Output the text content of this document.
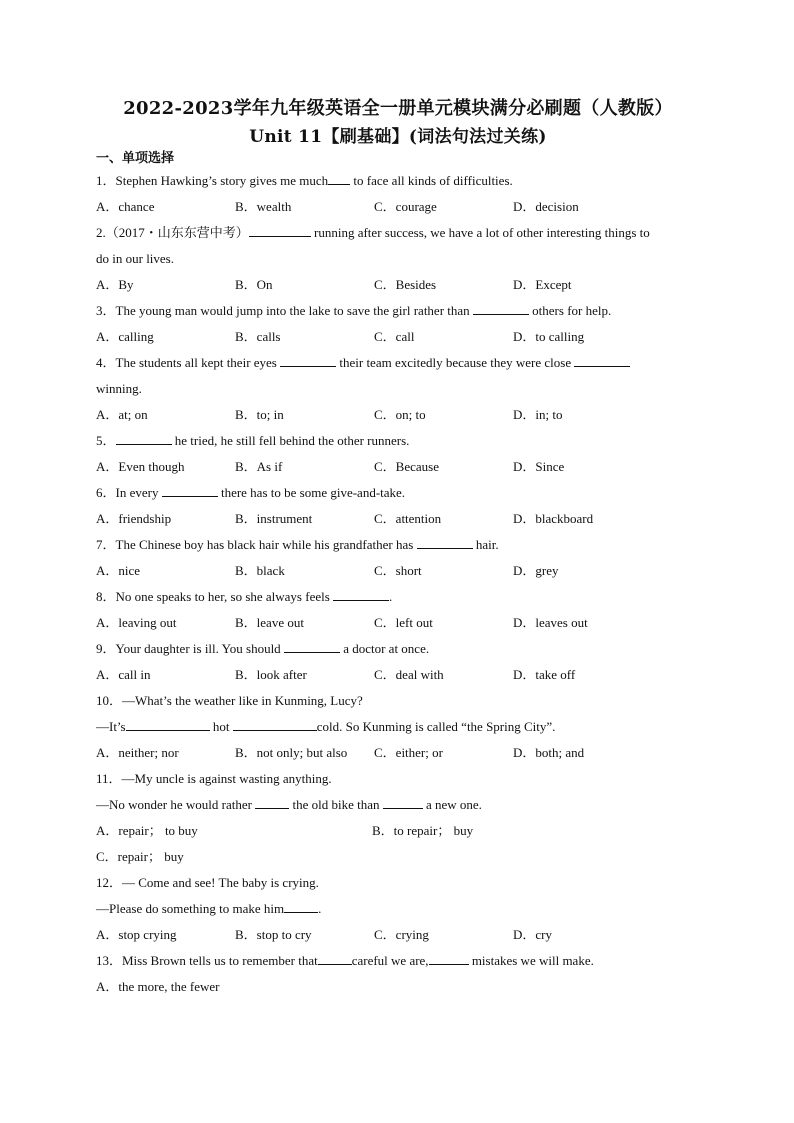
2022-2023学年九年级英语全一册单元模块满分必刷题（人教版）
Unit 11【刷基础】(词法句法过关练)
一、单项选择
1．Stephen Hawking’s story gives me much to face all kinds of difficulties.
A．chance	B．wealth	C．courage	D．decision
2.（2017・山东东营中考）	running after success, we have a lot of other interesting things to
do in our lives.
A．By	B．On	C．Besides	D．Except
3．The young man would jump into the lake to save the girl rather than	others for help.
A．calling	B．calls	C．call	D．to calling
4．The students all kept their eyes	their team excitedly because they were close
winning.
A．at; on	B．to; in	C．on; to	D．in; to
5．	he tried, he still fell behind the other runners.
A．Even though	B．As if	C．Because	D．Since
6．In every	there has to be some give-and-take.
A．friendship	B．instrument	C．attention	D．blackboard
7．The Chinese boy has black hair while his grandfather has	hair.
A．nice	B．black	C．short	D．grey
8．No one speaks to her, so she always feels	.
A．leaving out	B．leave out	C．left out	D．leaves out
9．Your daughter is ill. You should	a doctor at once.
A．call in	B．look after	C．deal with	D．take off
10．—What’s the weather like in Kunming, Lucy?
—It’s	hot	cold. So Kunming is called “the Spring City”.
A．neither; nor	B．not only; but also	C．either; or	D．both; and
11．—My uncle is against wasting anything.
—No wonder he would rather	the old bike than	a new one.
A．repair； to buy	B．to repair； buy
C．repair； buy
12．— Come and see! The baby is crying.
—Please do something to make him	.
A．stop crying	B．stop to cry	C．crying	D．cry
13．Miss Brown tells us to remember that	careful we are,	mistakes we will make.
A．the more, the fewer
